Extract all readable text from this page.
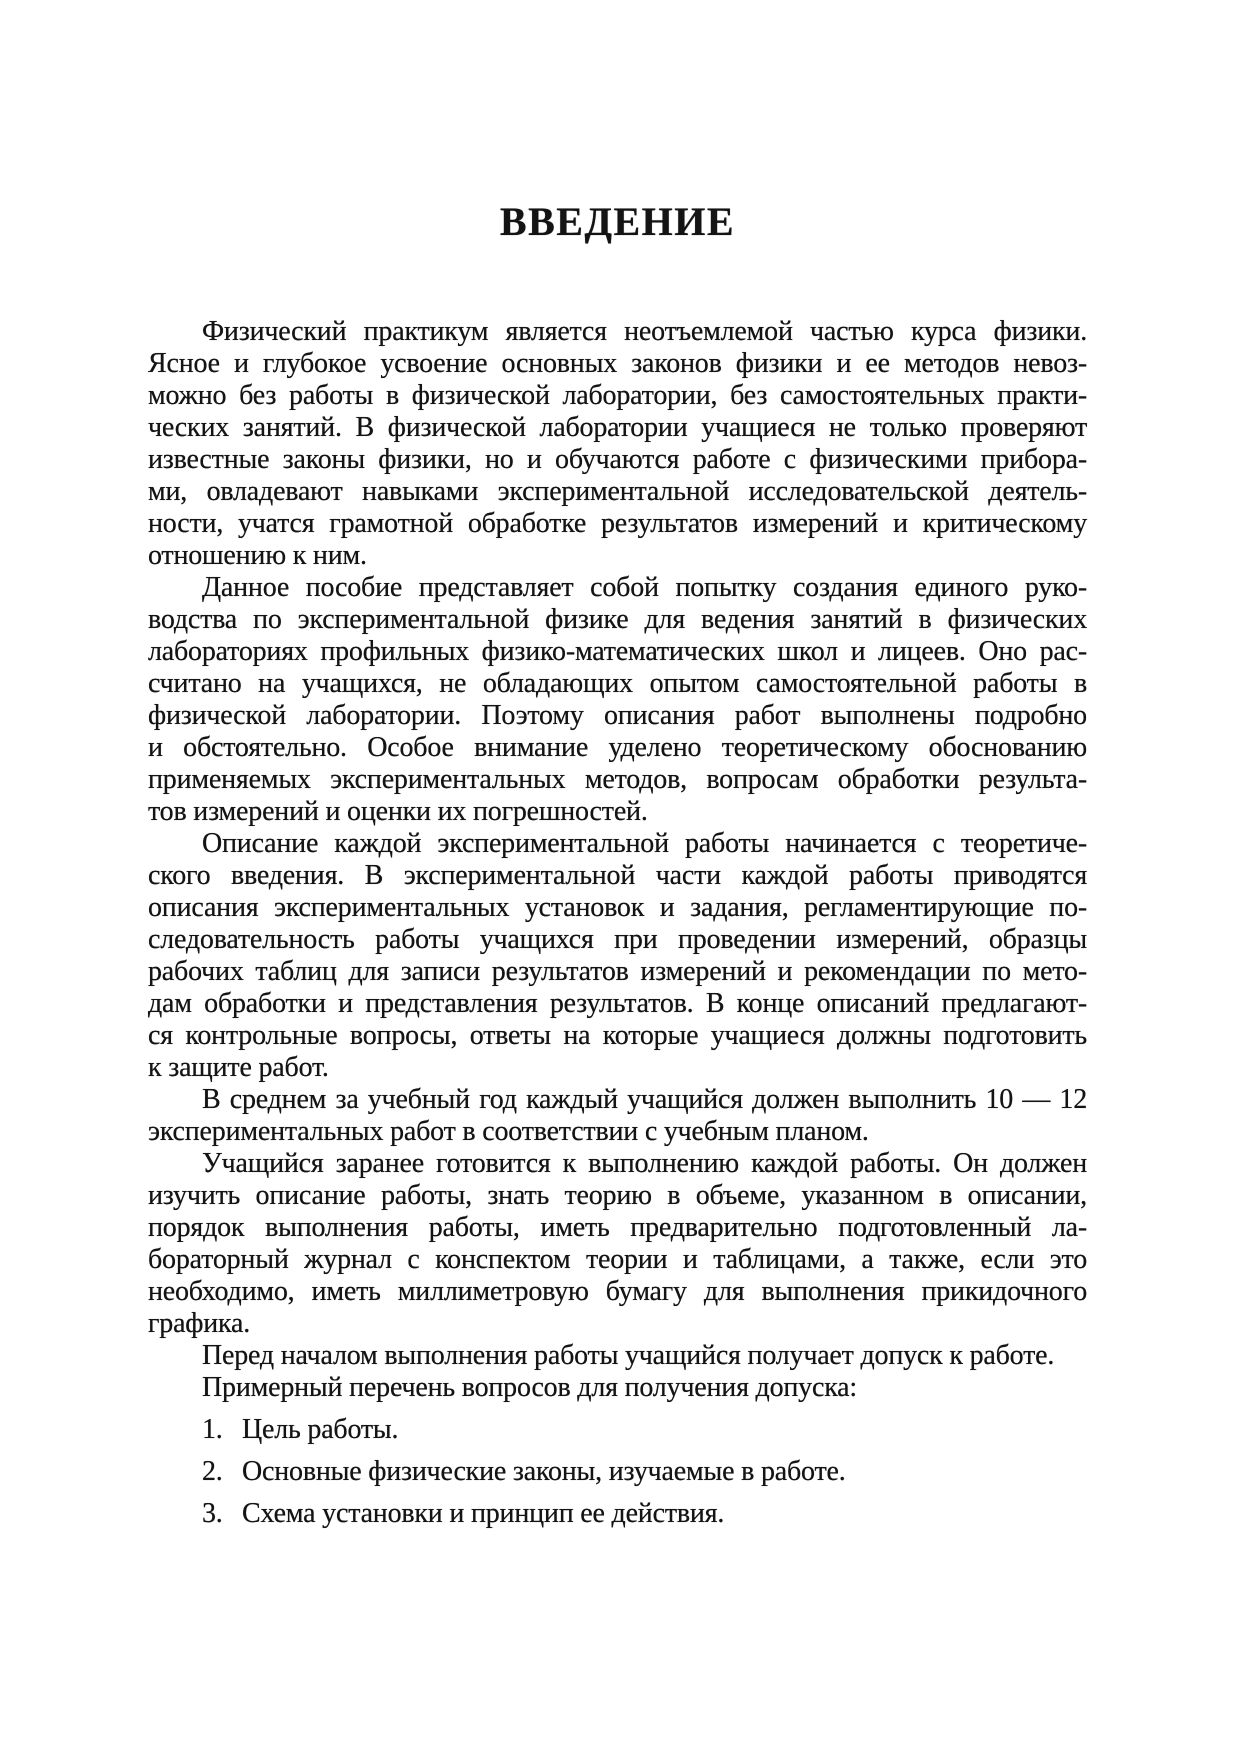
ВВЕДЕНИЕ
Физический практикум является неотъемлемой частью курса физики.
Ясное и глубокое усвоение основных законов физики и ее методов невоз-
можно без работы в физической лаборатории, без самостоятельных практи-
ческих занятий. В физической лаборатории учащиеся не только проверяют
известные законы физики, но и обучаются работе с физическими прибора-
ми, овладевают навыками экспериментальной исследовательской деятель-
ности, учатся грамотной обработке результатов измерений и критическому
отношению к ним.
Данное пособие представляет собой попытку создания единого руко-
водства по экспериментальной физике для ведения занятий в физических
лабораториях профильных физико-математических школ и лицеев. Оно рас-
считано на учащихся, не обладающих опытом самостоятельной работы в
физической лаборатории. Поэтому описания работ выполнены подробно
и обстоятельно. Особое внимание уделено теоретическому обоснованию
применяемых экспериментальных методов, вопросам обработки результа-
тов измерений и оценки их погрешностей.
Описание каждой экспериментальной работы начинается с теоретиче-
ского введения. В экспериментальной части каждой работы приводятся
описания экспериментальных установок и задания, регламентирующие по-
следовательность работы учащихся при проведении измерений, образцы
рабочих таблиц для записи результатов измерений и рекомендации по мето-
дам обработки и представления результатов. В конце описаний предлагают-
ся контрольные вопросы, ответы на которые учащиеся должны подготовить
к защите работ.
В среднем за учебный год каждый учащийся должен выполнить 10 — 12
экспериментальных работ в соответствии с учебным планом.
Учащийся заранее готовится к выполнению каждой работы. Он должен
изучить описание работы, знать теорию в объеме, указанном в описании,
порядок выполнения работы, иметь предварительно подготовленный ла-
бораторный журнал с конспектом теории и таблицами, а также, если это
необходимо, иметь миллиметровую бумагу для выполнения прикидочного
графика.
Перед началом выполнения работы учащийся получает допуск к работе.
Примерный перечень вопросов для получения допуска:
1. Цель работы.
2. Основные физические законы, изучаемые в работе.
3. Схема установки и принцип ее действия.
